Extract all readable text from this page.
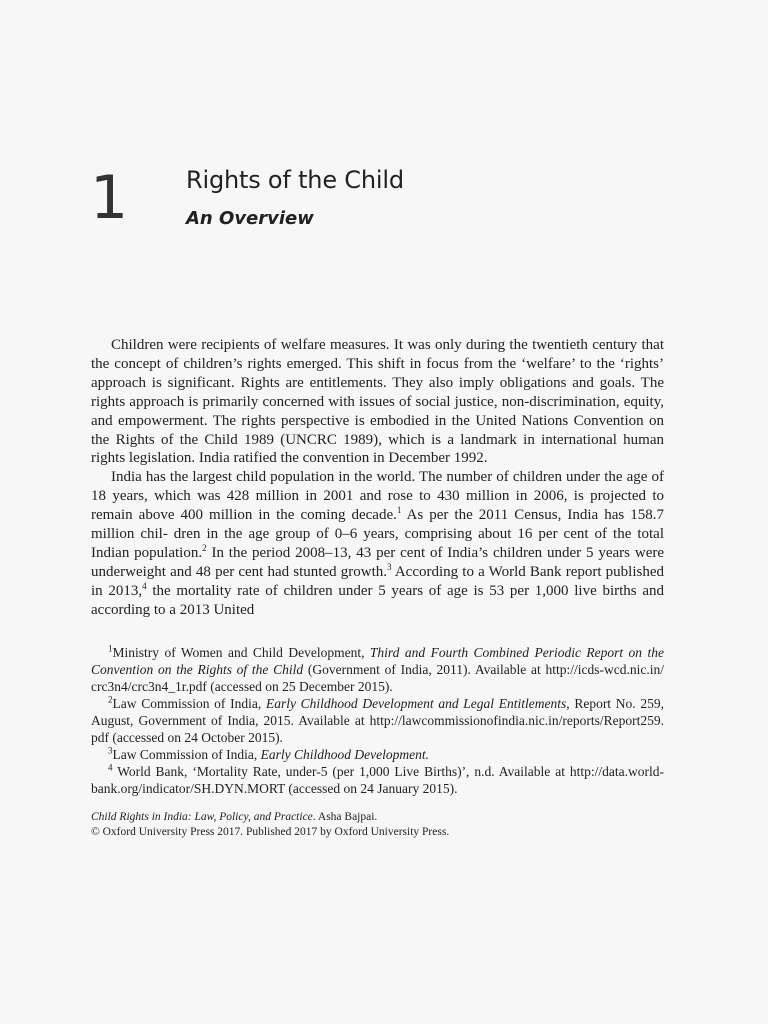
1 Rights of the Child
An Overview

Children were recipients of welfare measures. It was only during the twentieth century that the concept of children’s rights emerged. This shift in focus from the ‘welfare’ to the ‘rights’ approach is significant. Rights are entitlements. They also imply obligations and goals. The rights approach is primarily concerned with issues of social justice, non-discrimination, equity, and empowerment. The rights perspective is embodied in the United Nations Convention on the Rights of the Child 1989 (UNCRC 1989), which is a landmark in international human rights legislation. India ratified the convention in December 1992.

India has the largest child population in the world. The number of children under the age of 18 years, which was 428 million in 2001 and rose to 430 million in 2006, is projected to remain above 400 million in the coming decade.$^1$ As per the 2011 Census, India has 158.7 million chil- dren in the age group of 0–6 years, comprising about 16 per cent of the total Indian population.$^2$ In the period 2008–13, 43 per cent of India’s children under 5 years were underweight and 48 per cent had stunted growth.$^3$ According to a World Bank report published in 2013,$^4$ the mortality rate of children under 5 years of age is 53 per 1,000 live births and according to a 2013 United

$^1$Ministry of Women and Child Development, Third and Fourth Combined Periodic Report on the Convention on the Rights of the Child (Government of India, 2011). Available at http://icds-wcd.nic.in/ crc3n4/crc3n4_1r.pdf (accessed on 25 December 2015).

$^2$Law Commission of India, Early Childhood Development and Legal Entitlements, Report No. 259, August, Government of India, 2015. Available at http://lawcommissionofindia.nic.in/reports/Report259. pdf (accessed on 24 October 2015).

$^3$Law Commission of India, Early Childhood Development.

$^4$ World Bank, ‘Mortality Rate, under-5 (per 1,000 Live Births)’, n.d. Available at http://data.world- bank.org/indicator/SH.DYN.MORT (accessed on 24 January 2015).

Child Rights in India: Law, Policy, and Practice. Asha Bajpai.

© Oxford University Press 2017. Published 2017 by Oxford University Press.
